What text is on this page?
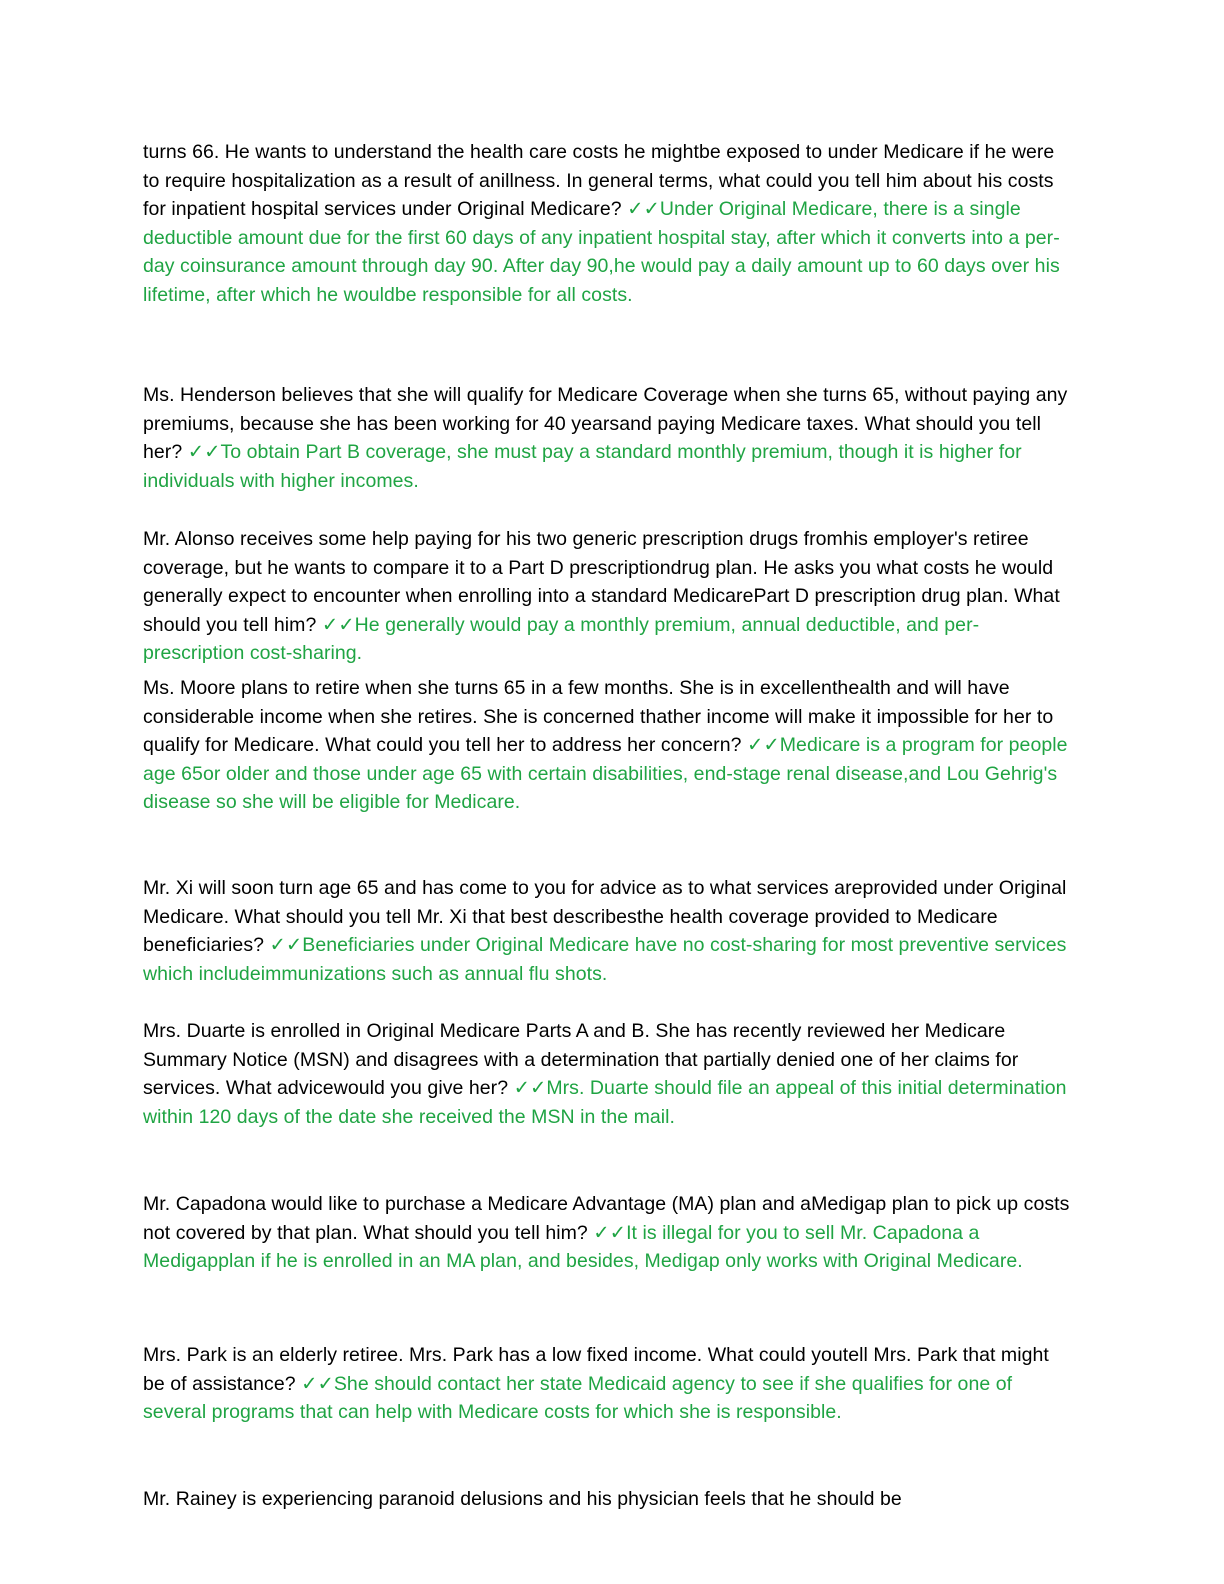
turns 66. He wants to understand the health care costs he mightbe exposed to under Medicare if he were to require hospitalization as a result of anillness. In general terms, what could you tell him about his costs for inpatient hospital services under Original Medicare? ✓✓Under Original Medicare, there is a single deductible amount due for the first 60 days of any inpatient hospital stay, after which it converts into a per-day coinsurance amount through day 90. After day 90,he would pay a daily amount up to 60 days over his lifetime, after which he wouldbe responsible for all costs.
Ms. Henderson believes that she will qualify for Medicare Coverage when she turns 65, without paying any premiums, because she has been working for 40 yearsand paying Medicare taxes. What should you tell her? ✓✓To obtain Part B coverage, she must pay a standard monthly premium, though it is higher for individuals with higher incomes.
Mr. Alonso receives some help paying for his two generic prescription drugs fromhis employer's retiree coverage, but he wants to compare it to a Part D prescriptiondrug plan. He asks you what costs he would generally expect to encounter when enrolling into a standard MedicarePart D prescription drug plan. What should you tell him? ✓✓He generally would pay a monthly premium, annual deductible, and per-prescription cost-sharing.
Ms. Moore plans to retire when she turns 65 in a few months. She is in excellenthealth and will have considerable income when she retires. She is concerned thather income will make it impossible for her to qualify for Medicare. What could you tell her to address her concern? ✓✓Medicare is a program for people age 65or older and those under age 65 with certain disabilities, end-stage renal disease,and Lou Gehrig's disease so she will be eligible for Medicare.
Mr. Xi will soon turn age 65 and has come to you for advice as to what services areprovided under Original Medicare. What should you tell Mr. Xi that best describesthe health coverage provided to Medicare beneficiaries? ✓✓Beneficiaries under Original Medicare have no cost-sharing for most preventive services which includeimmunizations such as annual flu shots.
Mrs. Duarte is enrolled in Original Medicare Parts A and B. She has recently reviewed her Medicare Summary Notice (MSN) and disagrees with a determination that partially denied one of her claims for services. What advicewould you give her? ✓✓Mrs. Duarte should file an appeal of this initial determination within 120 days of the date she received the MSN in the mail.
Mr. Capadona would like to purchase a Medicare Advantage (MA) plan and aMedigap plan to pick up costs not covered by that plan. What should you tell him? ✓✓It is illegal for you to sell Mr. Capadona a Medigapplan if he is enrolled in an MA plan, and besides, Medigap only works with Original Medicare.
Mrs. Park is an elderly retiree. Mrs. Park has a low fixed income. What could youtell Mrs. Park that might be of assistance? ✓✓She should contact her state Medicaid agency to see if she qualifies for one of several programs that can help with Medicare costs for which she is responsible.
Mr. Rainey is experiencing paranoid delusions and his physician feels that he should be
